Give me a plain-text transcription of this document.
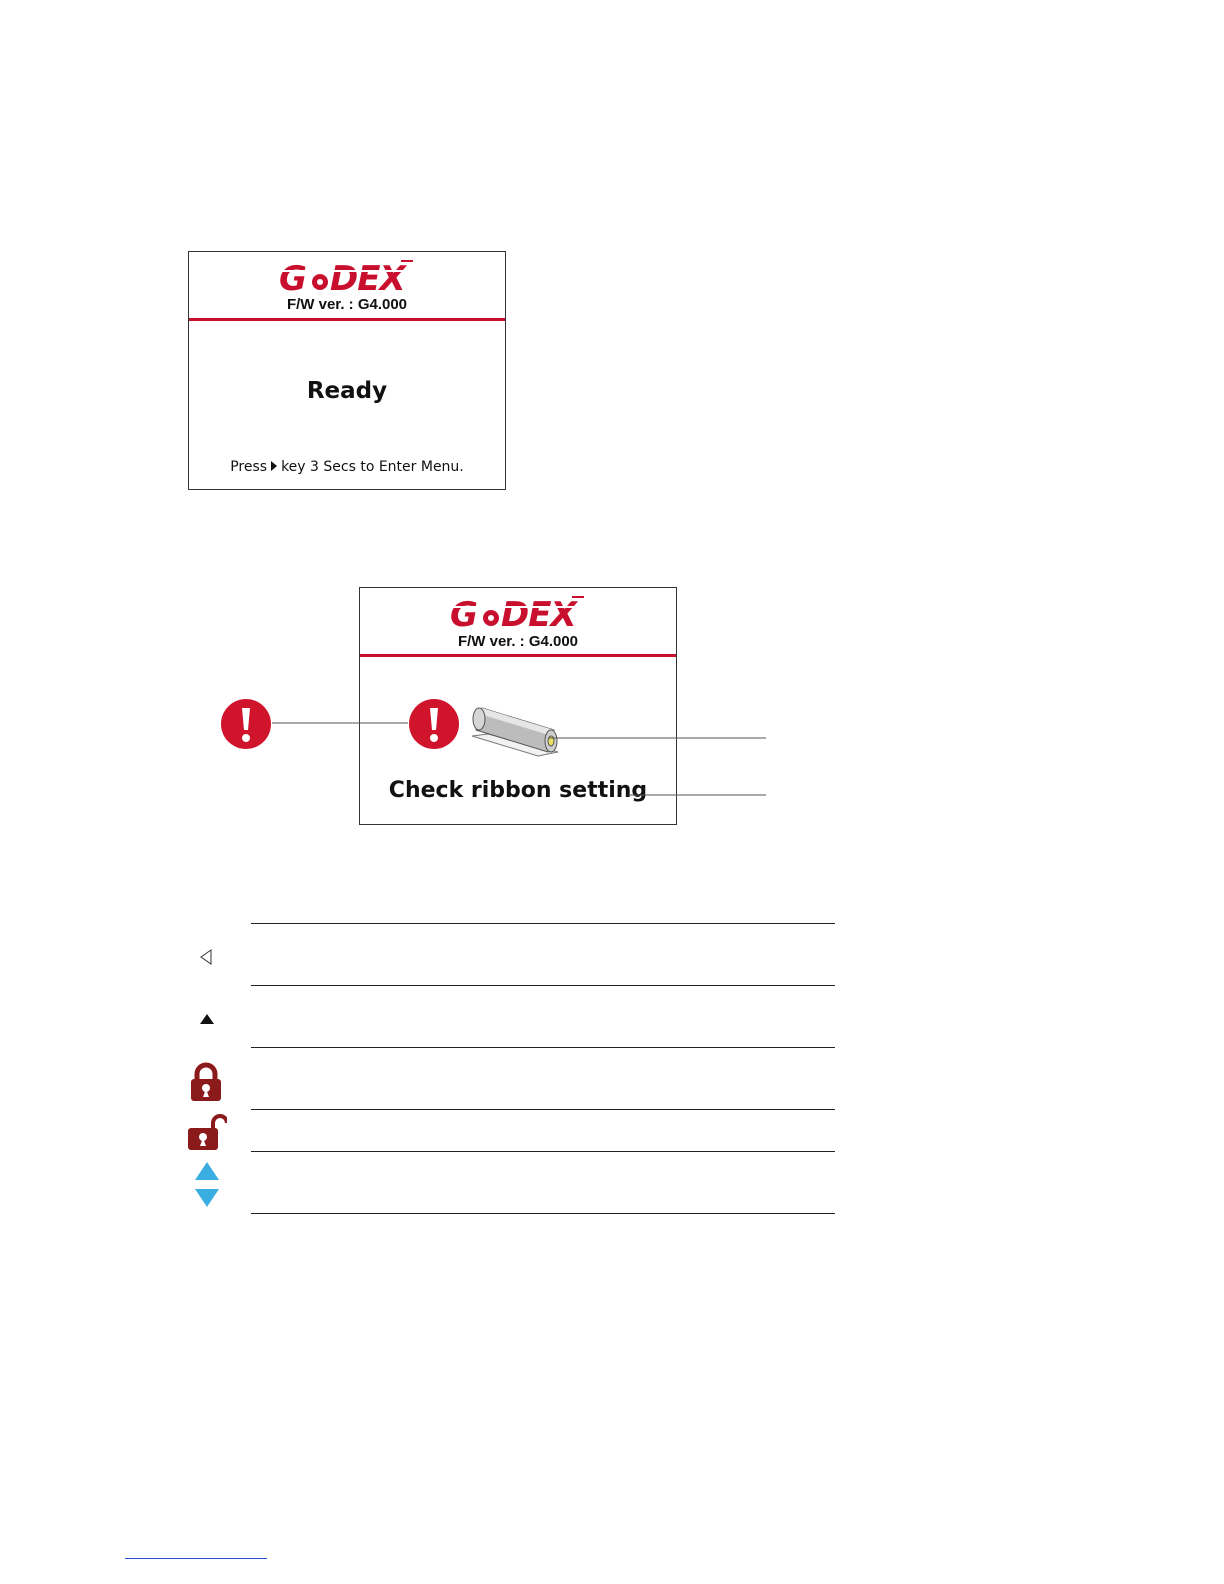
G DEX
F/W ver. : G4.000
Ready
Press key 3 Secs to Enter Menu.
G DEX
F/W ver. : G4.000
Check ribbon setting
